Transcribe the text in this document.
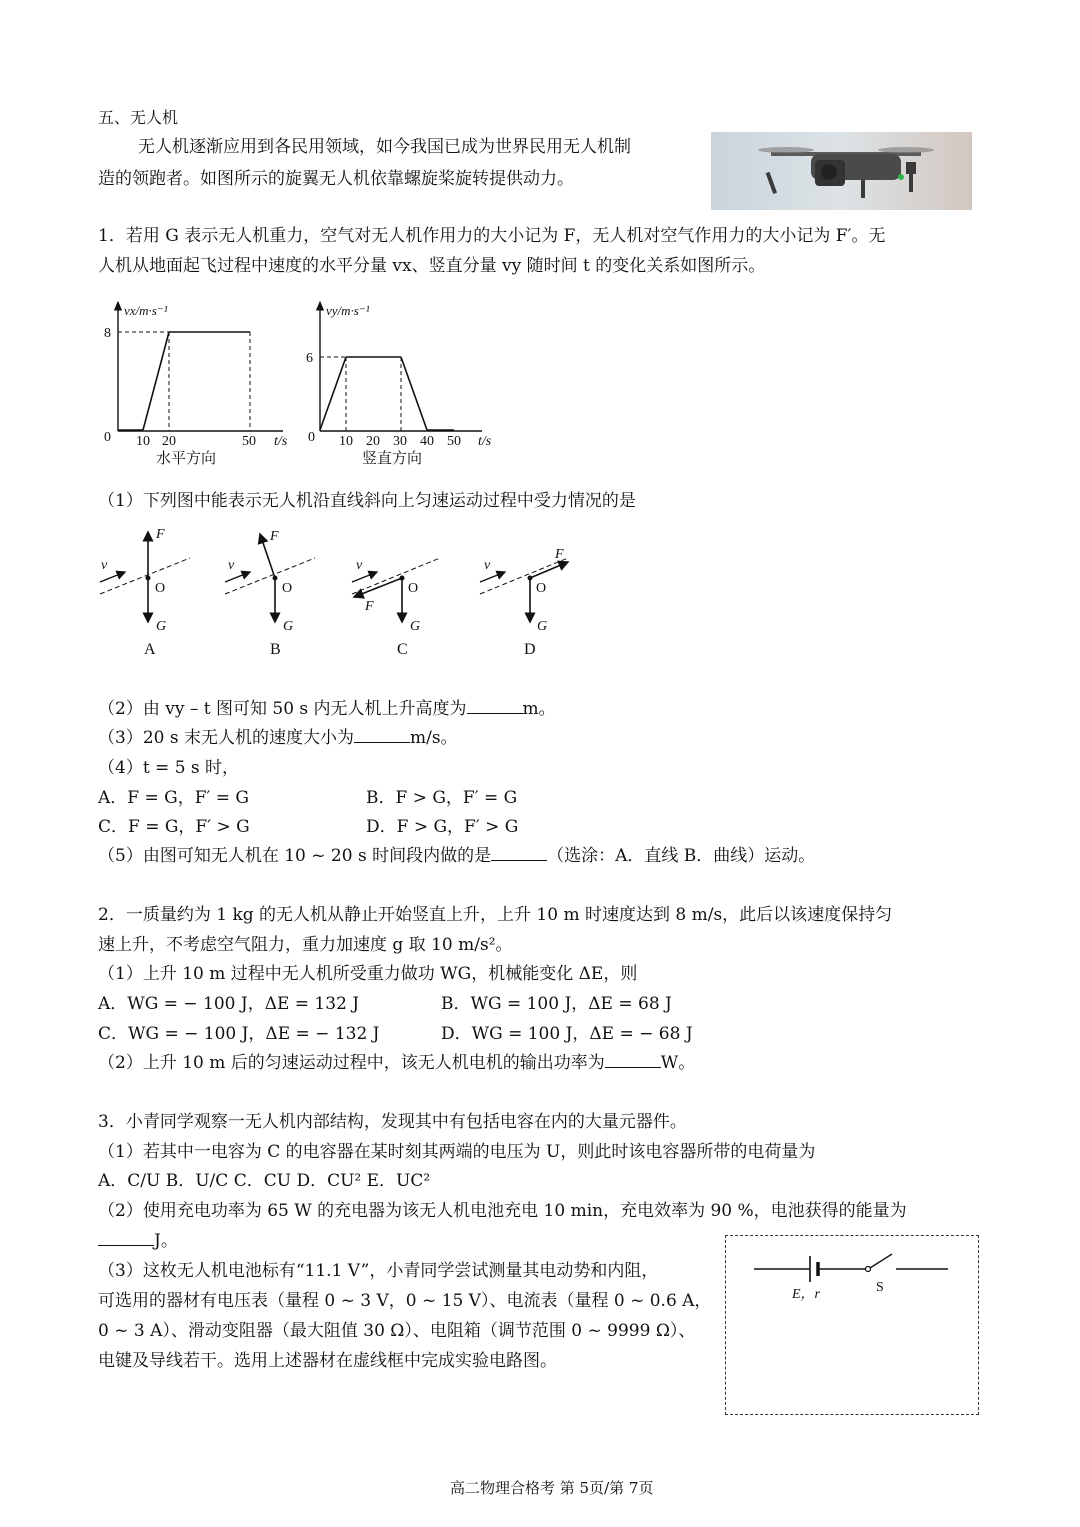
五、无人机
无人机逐渐应用到各民用领域，如今我国已成为世界民用无人机制
造的领跑者。如图所示的旋翼无人机依靠螺旋桨旋转提供动力。
1．若用 G 表示无人机重力，空气对无人机作用力的大小记为 F，无人机对空气作用力的大小记为 F′。无
人机从地面起飞过程中速度的水平分量 vx、竖直分量 vy 随时间 t 的变化关系如图所示。
vx/m·s⁻¹
8
0 10 20	50 t/s
水平方向
vy/m·s⁻¹
6
0 10 20 30 40 50 t/s
竖直方向
（1）下列图中能表示无人机沿直线斜向上匀速运动过程中受力情况的是
v
F
O
G
A
v
F
O
G
B
v
F
O
G
C
v
F
O
G
D
（2）由 vy – t 图可知 50 s 内无人机上升高度为	m。
（3）20 s 末无人机的速度大小为	m/s。
（4）t = 5 s 时，
A．F = G，F′ = G	B．F > G，F′ = G
C．F = G，F′ > G	D．F > G，F′ > G
（5）由图可知无人机在 10 ~ 20 s 时间段内做的是	（选涂：A．直线 B．曲线）运动。
2．一质量约为 1 kg 的无人机从静止开始竖直上升，上升 10 m 时速度达到 8 m/s，此后以该速度保持匀
速上升，不考虑空气阻力，重力加速度 g 取 10 m/s²。
（1）上升 10 m 过程中无人机所受重力做功 WG，机械能变化 ΔE，则
A．WG = − 100 J，ΔE = 132 J	B．WG = 100 J，ΔE = 68 J
C．WG = − 100 J，ΔE = − 132 J	D．WG = 100 J，ΔE = − 68 J
（2）上升 10 m 后的匀速运动过程中，该无人机电机的输出功率为	W。
3．小青同学观察一无人机内部结构，发现其中有包括电容在内的大量元器件。
（1）若其中一电容为 C 的电容器在某时刻其两端的电压为 U，则此时该电容器所带的电荷量为
A．C/U B．U/C C．CU D．CU² E．UC²
（2）使用充电功率为 65 W 的充电器为该无人机电池充电 10 min，充电效率为 90 %，电池获得的能量为
J。
（3）这枚无人机电池标有“11.1 V”，小青同学尝试测量其电动势和内阻，
可选用的器材有电压表（量程 0 ~ 3 V，0 ~ 15 V）、电流表（量程 0 ~ 0.6 A，
0 ~ 3 A）、滑动变阻器（最大阻值 30 Ω）、电阻箱（调节范围 0 ~ 9999 Ω）、
电键及导线若干。选用上述器材在虚线框中完成实验电路图。
E，r	S
高二物理合格考 第 5页/第 7页
